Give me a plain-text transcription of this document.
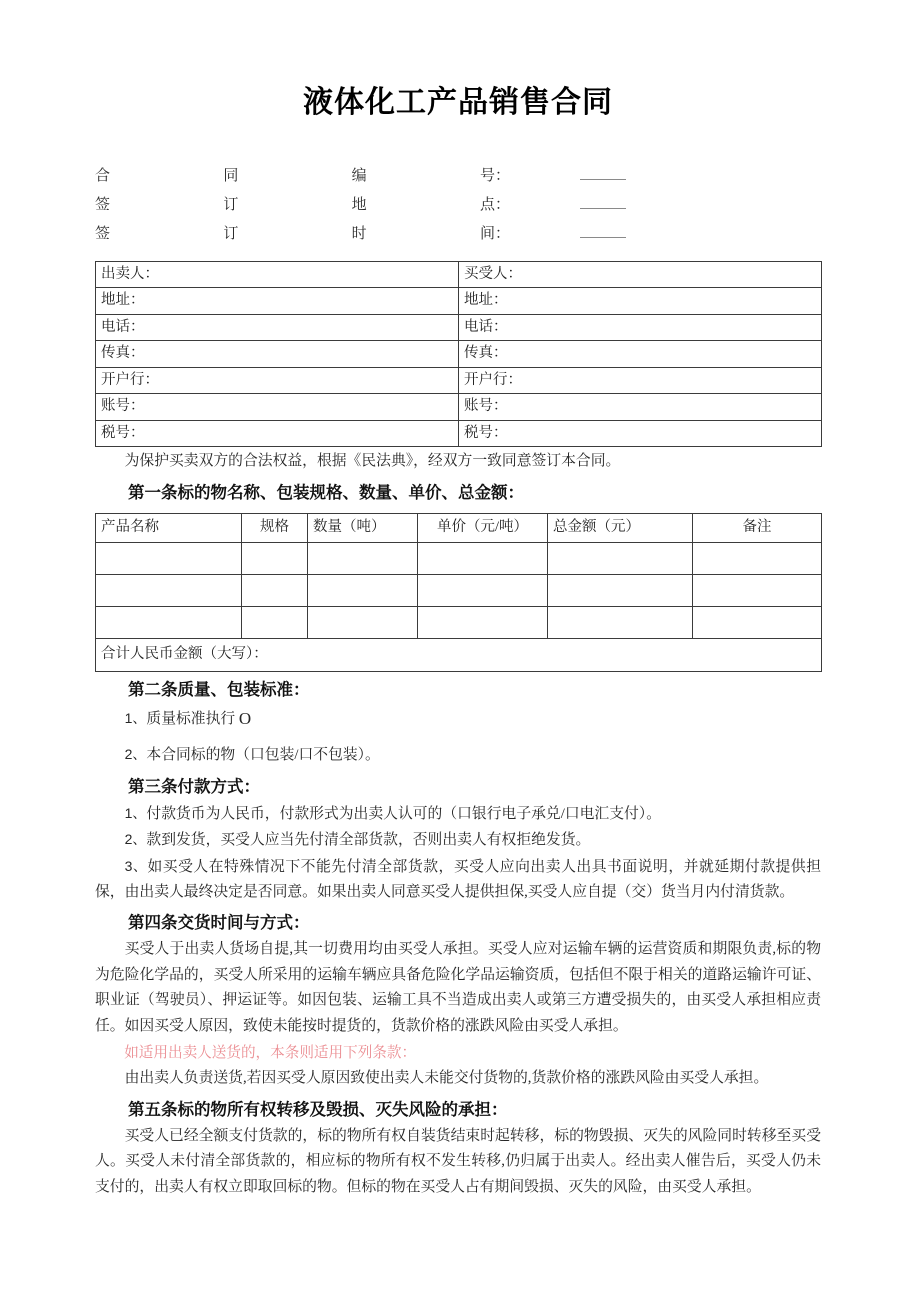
液体化工产品销售合同
合同编号 ：
签订地点 ：
签订时间 ：
出卖人：	买受人：
地址：	地址：
电话：	电话：
传真：	传真：
开户行：	开户行：
账号：	账号：
税号：	税号：

为保护买卖双方的合法权益，根据《民法典》，经双方一致同意签订本合同。

第一条标的物名称、包装规格、数量、单价、总金额：
产品名称	规格	数量（吨）	单价（元/吨）	总金额（元）	备注

合计人民币金额（大写）：					
第二条质量、包装标准：

1、质量标准执行 O

2、本合同标的物（口包装/口不包装）。

第三条付款方式：

1、付款货币为人民币，付款形式为出卖人认可的（口银行电子承兑/口电汇支付）。

2、款到发货，买受人应当先付清全部货款，否则出卖人有权拒绝发货。

3、如买受人在特殊情况下不能先付清全部货款，买受人应向出卖人出具书面说明，并就延期付款提供担保，由出卖人最终决定是否同意。如果出卖人同意买受人提供担保,买受人应自提（交）货当月内付清货款。

第四条交货时间与方式：

买受人于出卖人货场自提,其一切费用均由买受人承担。买受人应对运输车辆的运营资质和期限负责,标的物为危险化学品的，买受人所采用的运输车辆应具备危险化学品运输资质，包括但不限于相关的道路运输许可证、职业证（驾驶员）、押运证等。如因包装、运输工具不当造成出卖人或第三方遭受损失的，由买受人承担相应责任。如因买受人原因，致使未能按时提货的，货款价格的涨跌风险由买受人承担。

如适用出卖人送货的，本条则适用下列条款：

由出卖人负责送货,若因买受人原因致使出卖人未能交付货物的,货款价格的涨跌风险由买受人承担。

第五条标的物所有权转移及毁损、灭失风险的承担：

买受人已经全额支付货款的，标的物所有权自装货结束时起转移，标的物毁损、灭失的风险同时转移至买受人。买受人未付清全部货款的，相应标的物所有权不发生转移,仍归属于出卖人。经出卖人催告后，买受人仍未支付的，出卖人有权立即取回标的物。但标的物在买受人占有期间毁损、灭失的风险，由买受人承担。
